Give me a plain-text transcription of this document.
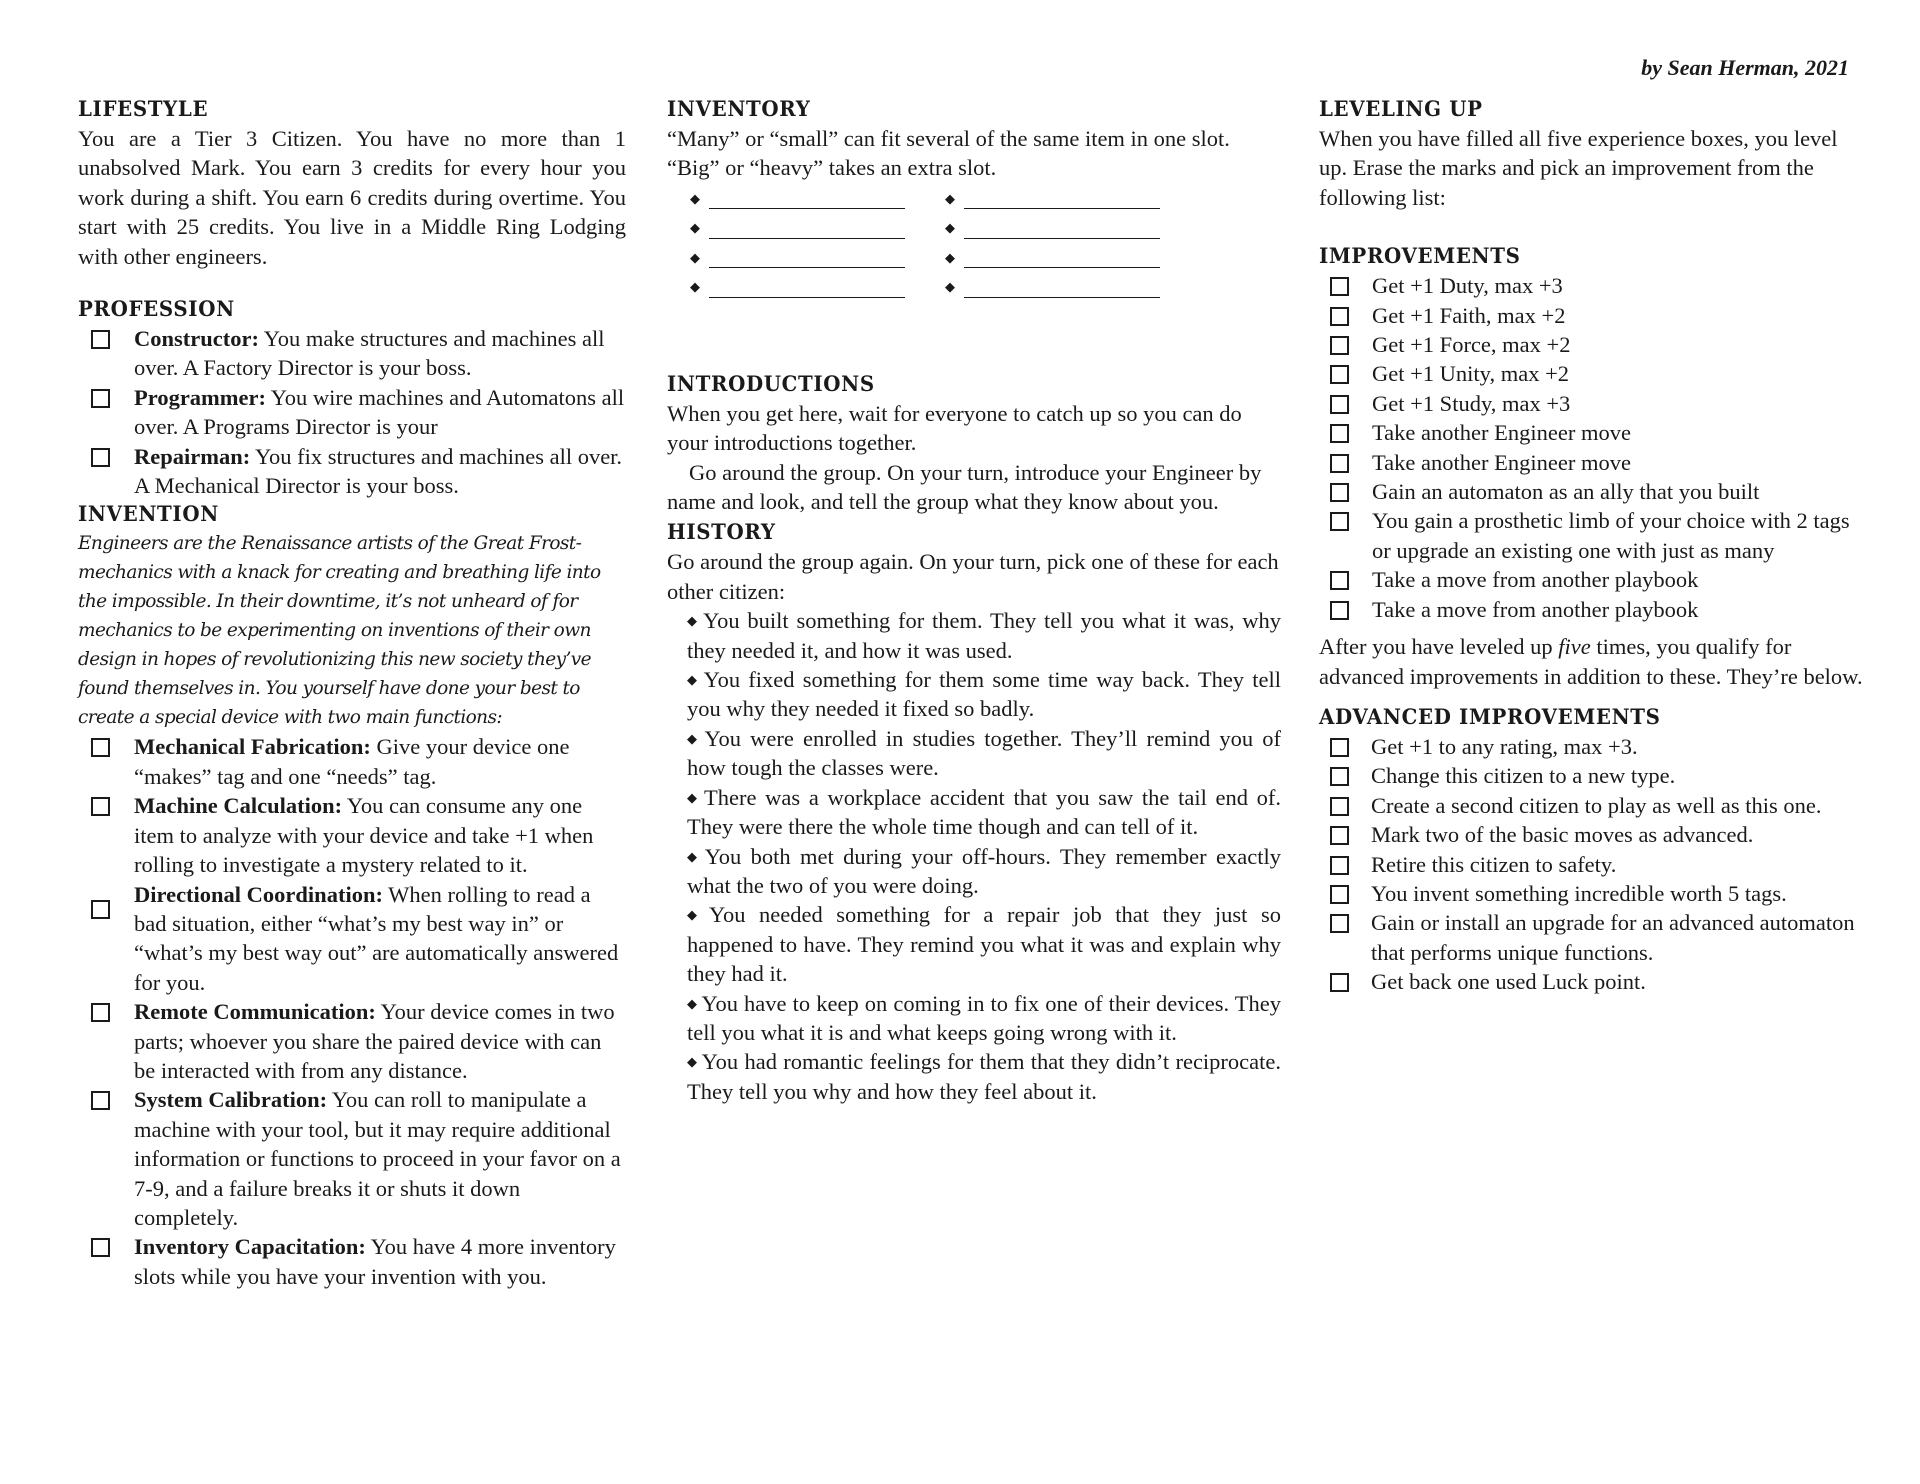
by Sean Herman, 2021
LIFESTYLE

You are a Tier 3 Citizen. You have no more than 1 unabsolved Mark. You earn 3 credits for every hour you work during a shift. You earn 6 credits during overtime. You start with 25 credits. You live in a Middle Ring Lodging with other engineers.

PROFESSION
Constructor: You make structures and machines all over. A Factory Director is your boss.
Programmer: You wire machines and Automatons all over. A Programs Director is your
Repairman: You fix structures and machines all over. A Mechanical Director is your boss.
INVENTION

Engineers are the Renaissance artists of the Great Frost-mechanics with a knack for creating and breathing life into the impossible. In their downtime, it’s not unheard of for mechanics to be experimenting on inventions of their own design in hopes of revolutionizing this new society they’ve found themselves in. You yourself have done your best to create a special device with two main functions:

Mechanical Fabrication: Give your device one “makes” tag and one “needs” tag.
Machine Calculation: You can consume any one item to analyze with your device and take +1 when rolling to investigate a mystery related to it.
Directional Coordination: When rolling to read a bad situation, either “what’s my best way in” or “what’s my best way out” are automatically answered for you.
Remote Communication: Your device comes in two parts; whoever you share the paired device with can be interacted with from any distance.
System Calibration: You can roll to manipulate a machine with your tool, but it may require additional information or functions to proceed in your favor on a 7-9, and a failure breaks it or shuts it down completely.
Inventory Capacitation: You have 4 more inventory slots while you have your invention with you.
INVENTORY

“Many” or “small” can fit several of the same item in one slot. “Big” or “heavy” takes an extra slot.

◆	◆
◆	◆
◆	◆
◆	◆
INTRODUCTIONS

When you get here, wait for everyone to catch up so you can do your introductions together.

Go around the group. On your turn, introduce your Engineer by name and look, and tell the group what they know about you.

HISTORY

Go around the group again. On your turn, pick one of these for each other citizen:

◆ You built something for them. They tell you what it was, why they needed it, and how it was used.

◆ You fixed something for them some time way back. They tell you why they needed it fixed so badly.

◆ You were enrolled in studies together. They’ll remind you of how tough the classes were.

◆ There was a workplace accident that you saw the tail end of. They were there the whole time though and can tell of it.

◆ You both met during your off-hours. They remember exactly what the two of you were doing.

◆ You needed something for a repair job that they just so happened to have. They remind you what it was and explain why they had it.

◆ You have to keep on coming in to fix one of their devices. They tell you what it is and what keeps going wrong with it.

◆ You had romantic feelings for them that they didn’t reciprocate. They tell you why and how they feel about it.

LEVELING UP

When you have filled all five experience boxes, you level up. Erase the marks and pick an improvement from the following list:

IMPROVEMENTS
Get +1 Duty, max +3
Get +1 Faith, max +2
Get +1 Force, max +2
Get +1 Unity, max +2
Get +1 Study, max +3
Take another Engineer move
Take another Engineer move
Gain an automaton as an ally that you built
You gain a prosthetic limb of your choice with 2 tags or upgrade an existing one with just as many
Take a move from another playbook
Take a move from another playbook

After you have leveled up five times, you qualify for advanced improvements in addition to these. They’re below.

ADVANCED IMPROVEMENTS
Get +1 to any rating, max +3.
Change this citizen to a new type.
Create a second citizen to play as well as this one.
Mark two of the basic moves as advanced.
Retire this citizen to safety.
You invent something incredible worth 5 tags.
Gain or install an upgrade for an advanced automaton that performs unique functions.
Get back one used Luck point.
